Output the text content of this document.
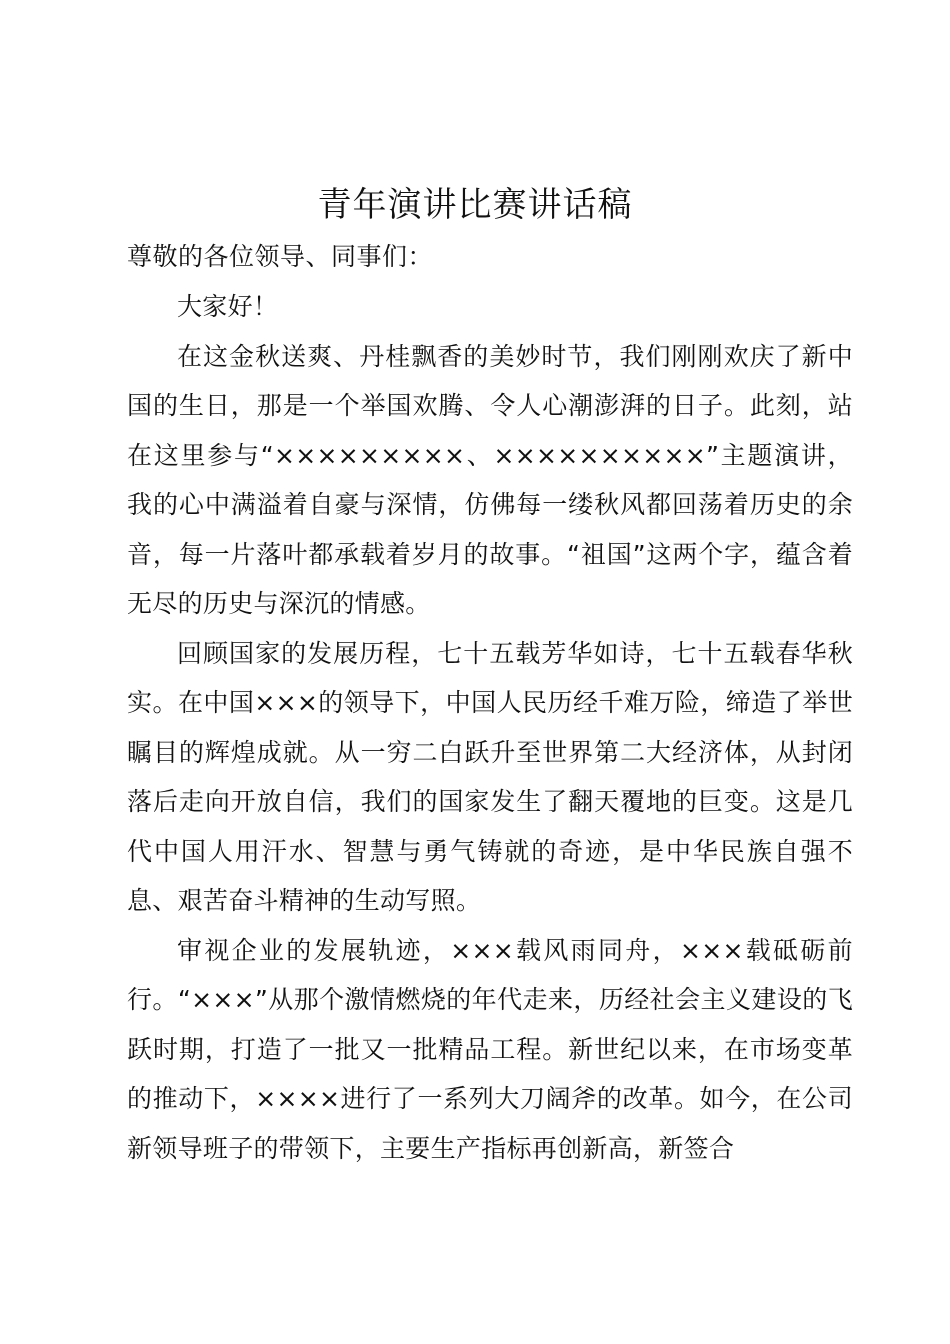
青年演讲比赛讲话稿

尊敬的各位领导、同事们：

大家好！

在这金秋送爽、丹桂飘香的美妙时节，我们刚刚欢庆了新中国的生日，那是一个举国欢腾、令人心潮澎湃的日子。此刻，站在这里参与“×××××××××、××××××××××”主题演讲，我的心中满溢着自豪与深情，仿佛每一缕秋风都回荡着历史的余音，每一片落叶都承载着岁月的故事。“祖国”这两个字，蕴含着无尽的历史与深沉的情感。

回顾国家的发展历程，七十五载芳华如诗，七十五载春华秋实。在中国×××的领导下，中国人民历经千难万险，缔造了举世瞩目的辉煌成就。从一穷二白跃升至世界第二大经济体，从封闭落后走向开放自信，我们的国家发生了翻天覆地的巨变。这是几代中国人用汗水、智慧与勇气铸就的奇迹，是中华民族自强不息、艰苦奋斗精神的生动写照。

审视企业的发展轨迹，×××载风雨同舟，×××载砥砺前行。“×××”从那个激情燃烧的年代走来，历经社会主义建设的飞跃时期，打造了一批又一批精品工程。新世纪以来，在市场变革的推动下，××××进行了一系列大刀阔斧的改革。如今，在公司新领导班子的带领下，主要生产指标再创新高，新签合
